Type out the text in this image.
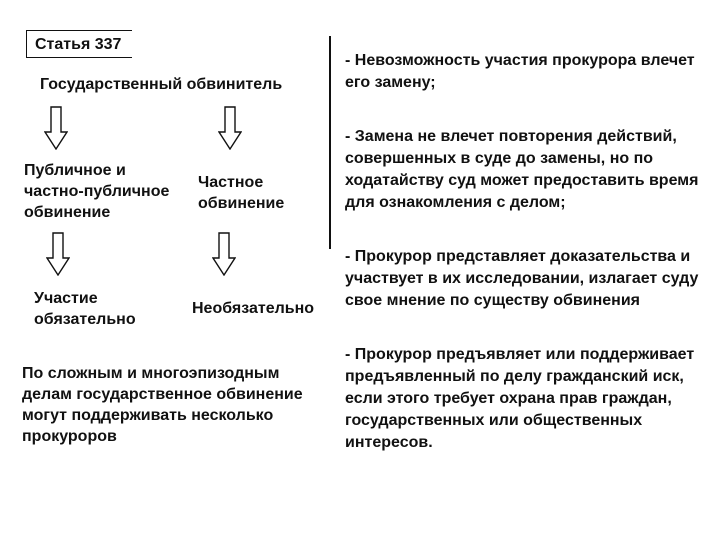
Статья 337
Государственный обвинитель
Публичное и
частно-публичное
обвинение
Частное
обвинение
Участие
обязательно
Необязательно
По сложным и многоэпизодным
делам государственное обвинение
могут поддерживать несколько
прокуроров
- Невозможность участия прокурора влечет
его замену;
- Замена не влечет повторения действий,
совершенных в суде до замены, но по
ходатайству суд может предоставить время
для ознакомления с делом;
- Прокурор представляет доказательства и
участвует в их исследовании, излагает суду
свое мнение по существу обвинения
- Прокурор предъявляет или поддерживает
предъявленный по делу гражданский иск,
если этого требует охрана прав граждан,
государственных или общественных
интересов.
